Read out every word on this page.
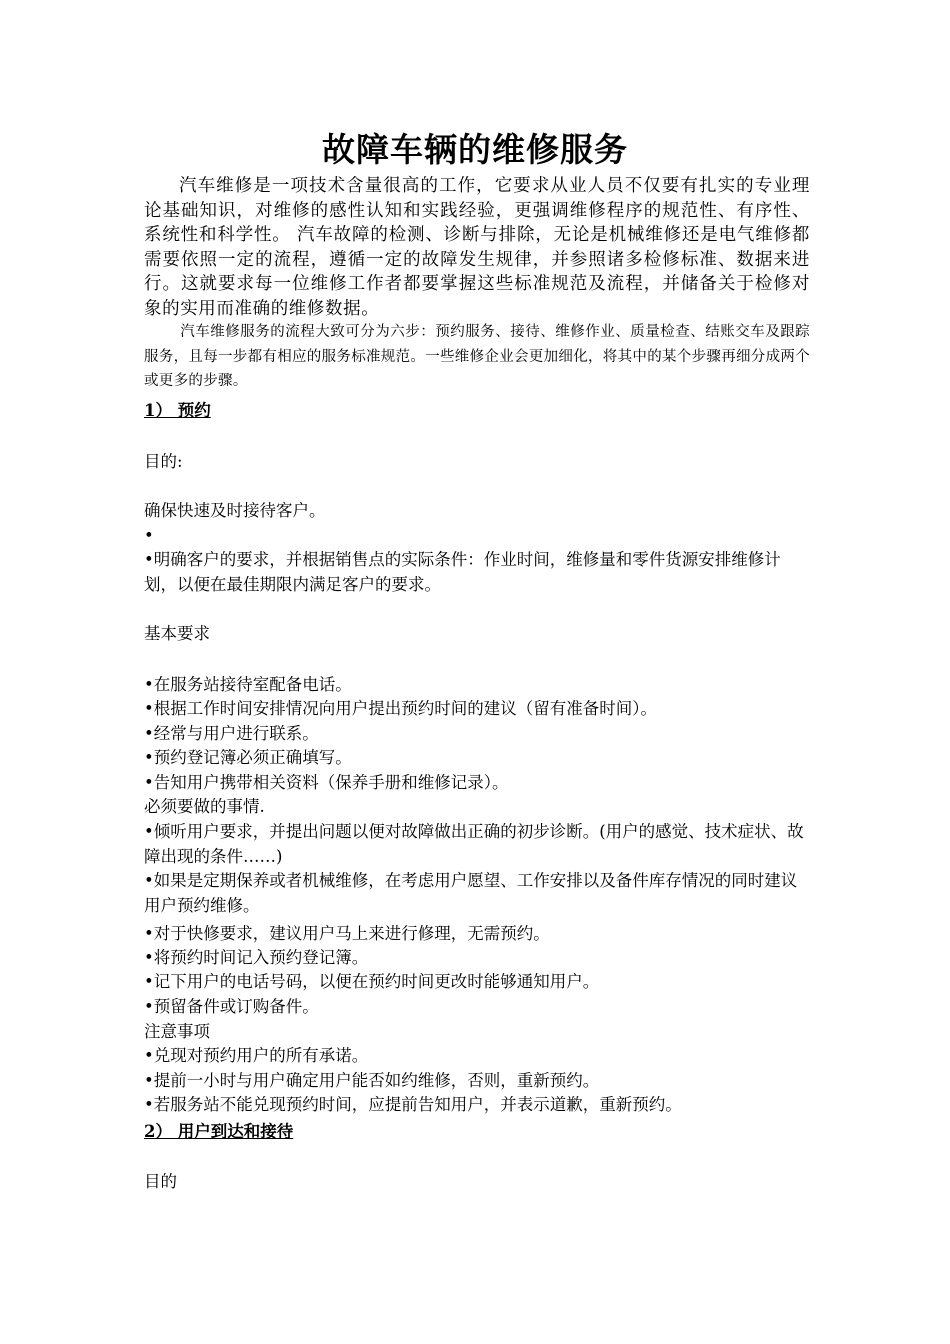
故障车辆的维修服务
汽车维修是一项技术含量很高的工作，它要求从业人员不仅要有扎实的专业理论基础知识，对维修的感性认知和实践经验，更强调维修程序的规范性、有序性、系统性和科学性。 汽车故障的检测、诊断与排除，无论是机械维修还是电气维修都需要依照一定的流程，遵循一定的故障发生规律，并参照诸多检修标准、数据来进行。这就要求每一位维修工作者都要掌握这些标准规范及流程，并储备关于检修对象的实用而准确的维修数据。
汽车维修服务的流程大致可分为六步：预约服务、接待、维修作业、质量检查、结账交车及跟踪服务，且每一步都有相应的服务标准规范。一些维修企业会更加细化，将其中的某个步骤再细分成两个或更多的步骤。
1） 预约
目的:
确保快速及时接待客户。
•
•明确客户的要求，并根据销售点的实际条件：作业时间，维修量和零件货源安排维修计划，以便在最佳期限内满足客户的要求。
基本要求
•在服务站接待室配备电话。
•根据工作时间安排情况向用户提出预约时间的建议（留有准备时间）。
•经常与用户进行联系。
•预约登记簿必须正确填写。
•告知用户携带相关资料（保养手册和维修记录）。
必须要做的事情.
•倾听用户要求，并提出问题以便对故障做出正确的初步诊断。(用户的感觉、技术症状、故障出现的条件……)
•如果是定期保养或者机械维修，在考虑用户愿望、工作安排以及备件库存情况的同时建议用户预约维修。
•对于快修要求，建议用户马上来进行修理，无需预约。
•将预约时间记入预约登记簿。
•记下用户的电话号码，以便在预约时间更改时能够通知用户。
•预留备件或订购备件。
注意事项
•兑现对预约用户的所有承诺。
•提前一小时与用户确定用户能否如约维修，否则，重新预约。
•若服务站不能兑现预约时间，应提前告知用户，并表示道歉，重新预约。
2） 用户到达和接待
目的
